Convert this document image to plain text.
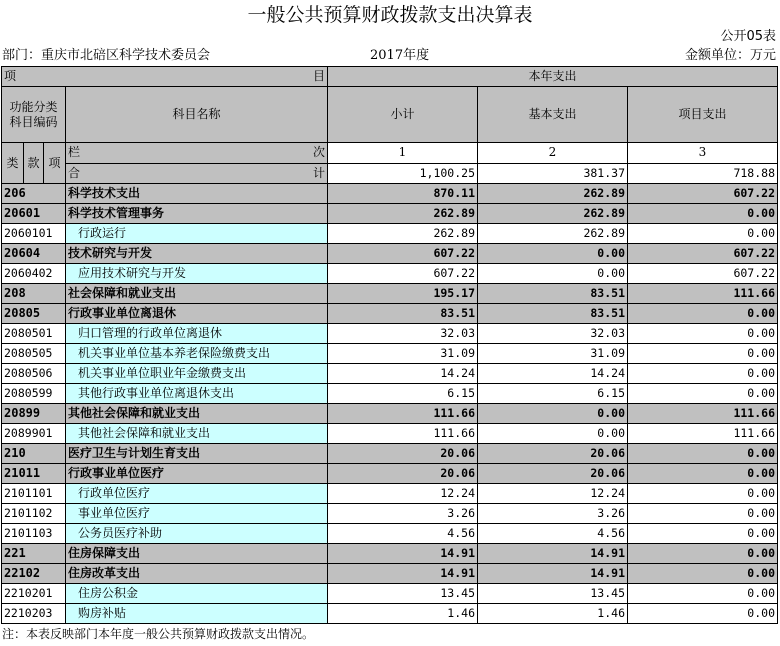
一般公共预算财政拨款支出决算表
公开05表
部门：重庆市北碚区科学技术委员会	2017年度	金额单位：万元
项 目				本年支出		
功能分类
科目编码			科目名称	小计	基本支出	项目支出
类	款	项	栏 次	1	2	3

			合 计	1,100.25	381.37	718.88
206			科学技术支出	870.11	262.89	607.22
20601			科学技术管理事务	262.89	262.89	0.00
2060101			行政运行	262.89	262.89	0.00
20604			技术研究与开发	607.22	0.00	607.22
2060402			应用技术研究与开发	607.22	0.00	607.22
208			社会保障和就业支出	195.17	83.51	111.66
20805			行政事业单位离退休	83.51	83.51	0.00
2080501			归口管理的行政单位离退休	32.03	32.03	0.00
2080505			机关事业单位基本养老保险缴费支出	31.09	31.09	0.00
2080506			机关事业单位职业年金缴费支出	14.24	14.24	0.00
2080599			其他行政事业单位离退休支出	6.15	6.15	0.00
20899			其他社会保障和就业支出	111.66	0.00	111.66
2089901			其他社会保障和就业支出	111.66	0.00	111.66
210			医疗卫生与计划生育支出	20.06	20.06	0.00
21011			行政事业单位医疗	20.06	20.06	0.00
2101101			行政单位医疗	12.24	12.24	0.00
2101102			事业单位医疗	3.26	3.26	0.00
2101103			公务员医疗补助	4.56	4.56	0.00
221			住房保障支出	14.91	14.91	0.00
22102			住房改革支出	14.91	14.91	0.00
2210201			住房公积金	13.45	13.45	0.00
2210203			购房补贴	1.46	1.46	0.00
注：本表反映部门本年度一般公共预算财政拨款支出情况。
